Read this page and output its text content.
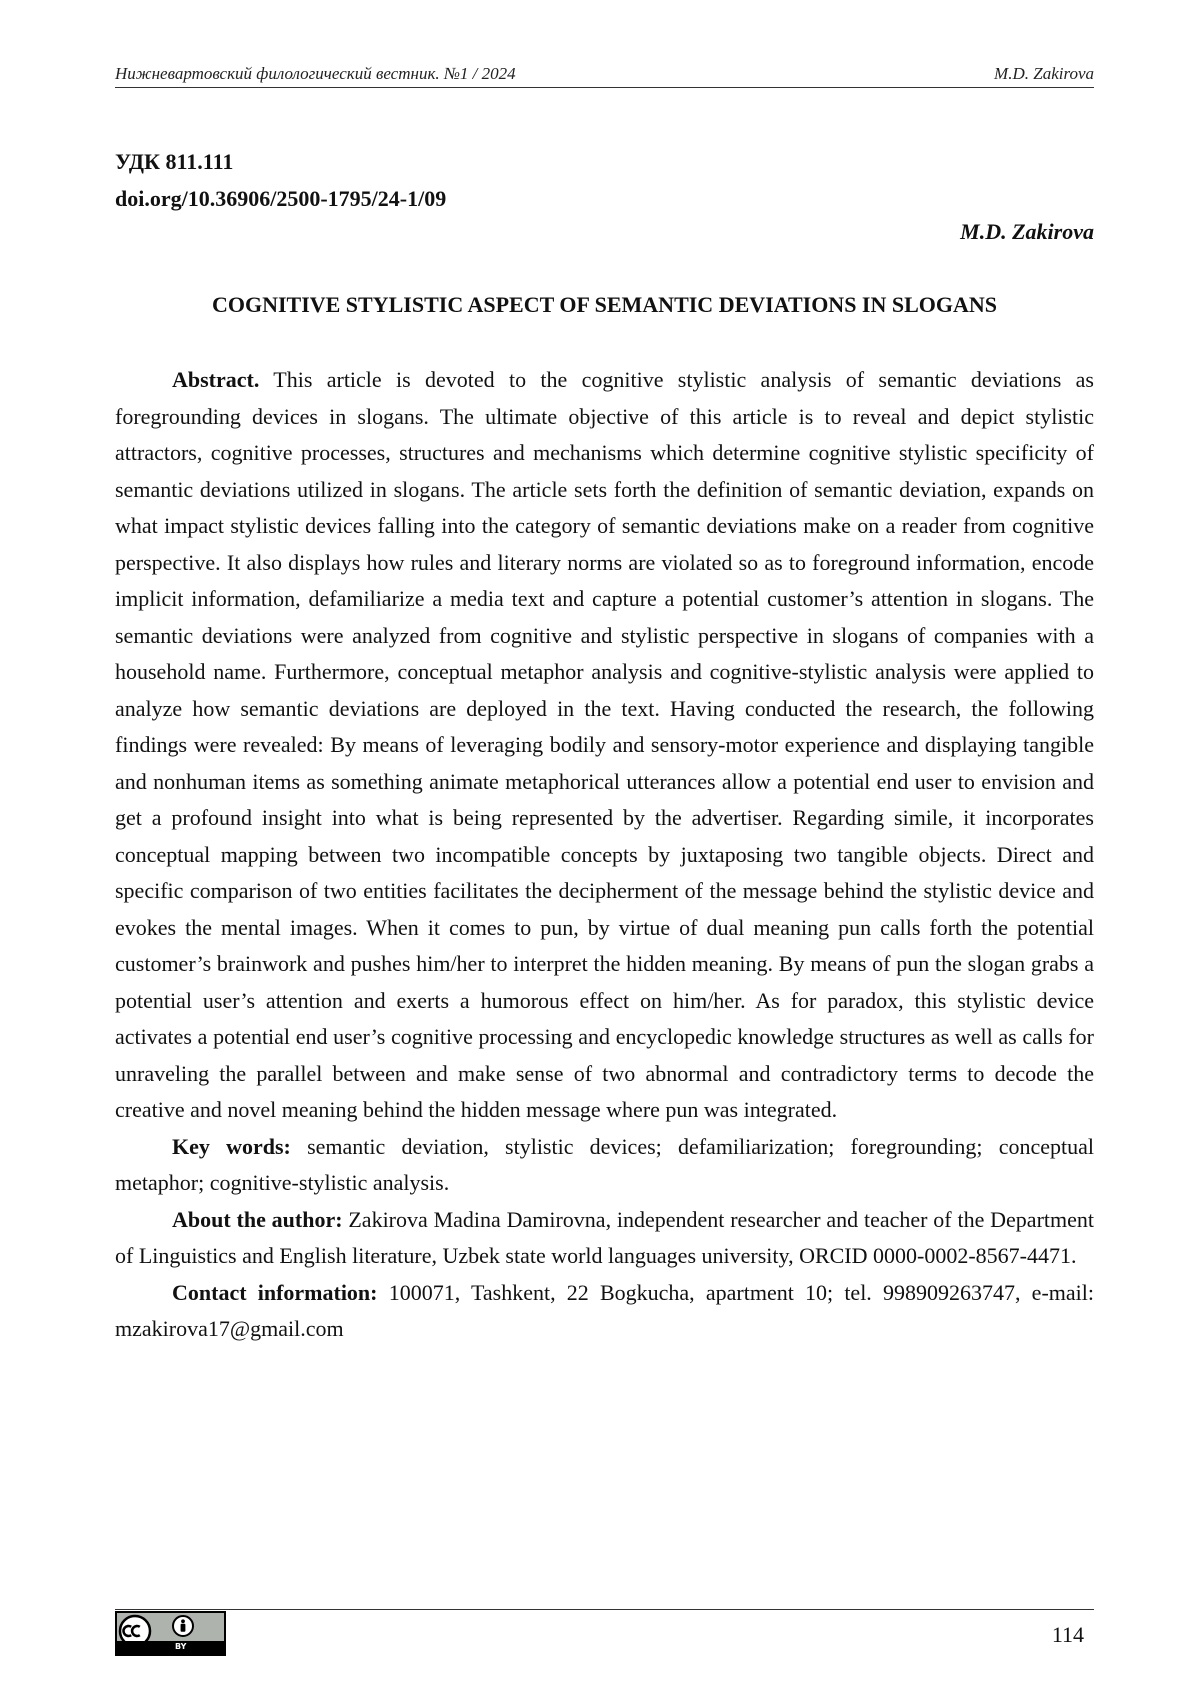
Нижневартовский филологический вестник. №1 / 2024	M.D. Zakirova
УДК 811.111
doi.org/10.36906/2500-1795/24-1/09
M.D. Zakirova
COGNITIVE STYLISTIC ASPECT OF SEMANTIC DEVIATIONS IN SLOGANS

Abstract. This article is devoted to the cognitive stylistic analysis of semantic deviations as foregrounding devices in slogans. The ultimate objective of this article is to reveal and depict stylistic attractors, cognitive processes, structures and mechanisms which determine cognitive stylistic specificity of semantic deviations utilized in slogans. The article sets forth the definition of semantic deviation, expands on what impact stylistic devices falling into the category of semantic deviations make on a reader from cognitive perspective. It also displays how rules and literary norms are violated so as to foreground information, encode implicit information, defamiliarize a media text and capture a potential customer’s attention in slogans. The semantic deviations were analyzed from cognitive and stylistic perspective in slogans of companies with a household name. Furthermore, conceptual metaphor analysis and cognitive-stylistic analysis were applied to analyze how semantic deviations are deployed in the text. Having conducted the research, the following findings were revealed: By means of leveraging bodily and sensory-motor experience and displaying tangible and nonhuman items as something animate metaphorical utterances allow a potential end user to envision and get a profound insight into what is being represented by the advertiser. Regarding simile, it incorporates conceptual mapping between two incompatible concepts by juxtaposing two tangible objects. Direct and specific comparison of two entities facilitates the decipherment of the message behind the stylistic device and evokes the mental images. When it comes to pun, by virtue of dual meaning pun calls forth the potential customer’s brainwork and pushes him/her to interpret the hidden meaning. By means of pun the slogan grabs a potential user’s attention and exerts a humorous effect on him/her. As for paradox, this stylistic device activates a potential end user’s cognitive processing and encyclopedic knowledge structures as well as calls for unraveling the parallel between and make sense of two abnormal and contradictory terms to decode the creative and novel meaning behind the hidden message where pun was integrated.

Key words: semantic deviation, stylistic devices; defamiliarization; foregrounding; conceptual metaphor; cognitive-stylistic analysis.

About the author: Zakirova Madina Damirovna, independent researcher and teacher of the Department of Linguistics and English literature, Uzbek state world languages university, ORCID 0000-0002-8567-4471.

Contact information: 100071, Tashkent, 22 Bogkucha, apartment 10; tel. 998909263747, e-mail: mzakirova17@gmail.com

BY	114
